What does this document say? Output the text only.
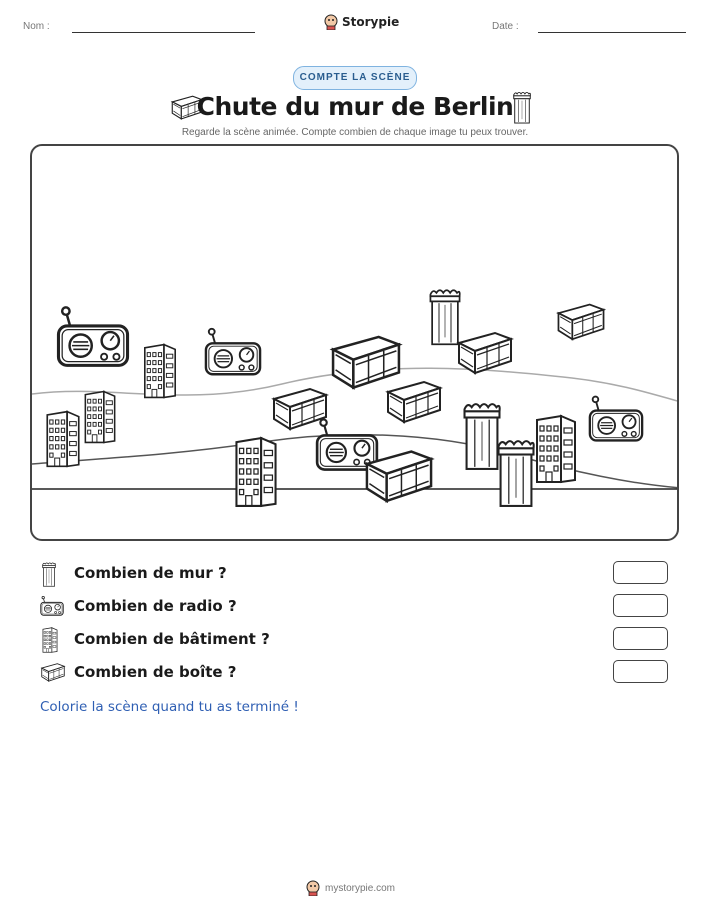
Nom :	Storypie	Date :
COMPTE LA SCÈNE
Chute du mur de Berlin
Regarde la scène animée. Compte combien de chaque image tu peux trouver.
Combien de mur ?
Combien de radio ?
Combien de bâtiment ?
Combien de boîte ?
Colorie la scène quand tu as terminé !
mystorypie.com
